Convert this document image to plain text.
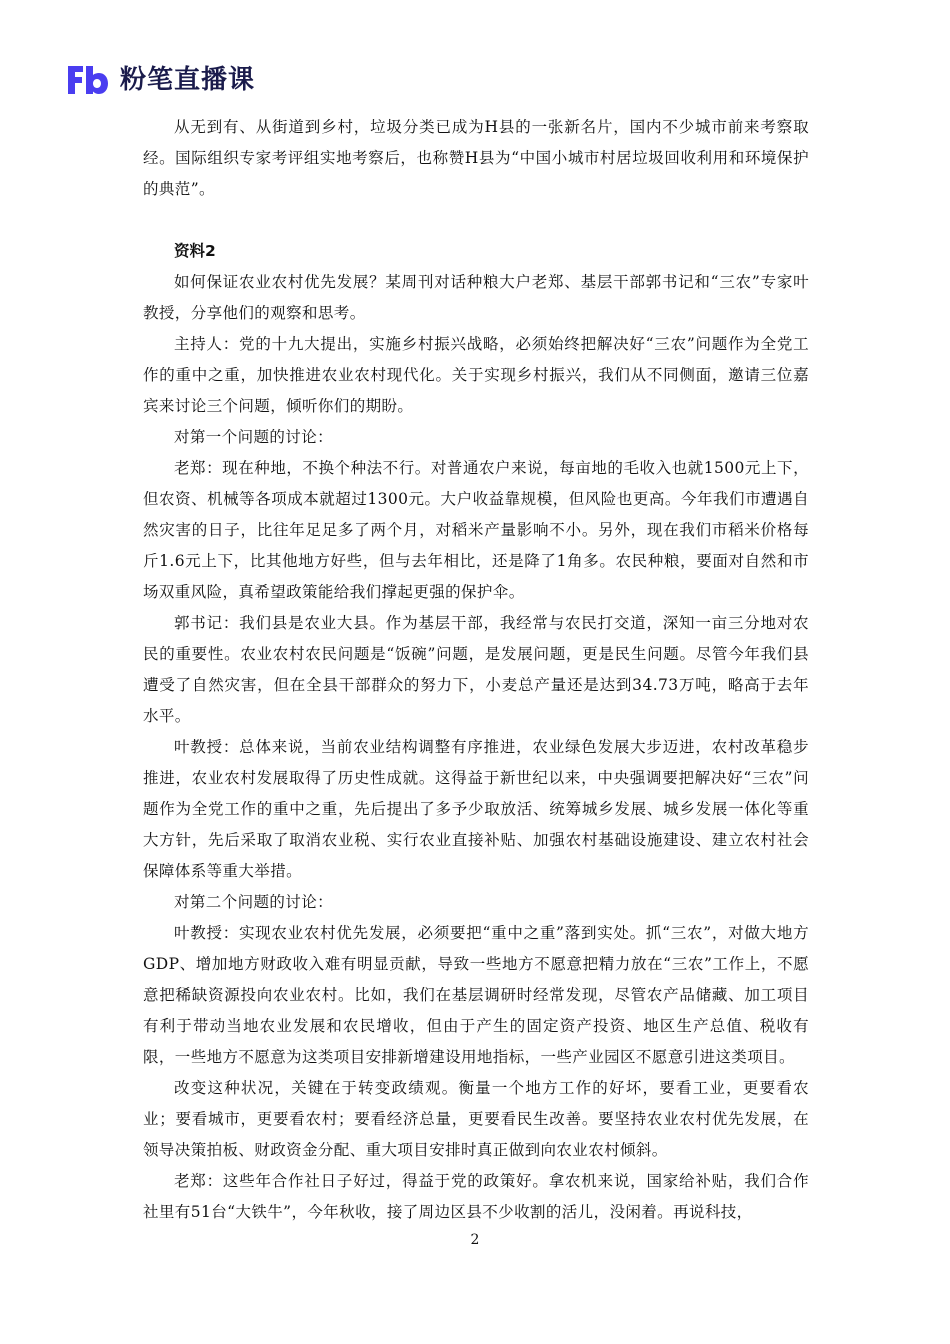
粉笔直播课

从无到有、从街道到乡村，垃圾分类已成为H县的一张新名片，国内不少城市前来考察取经。国际组织专家考评组实地考察后，也称赞H县为“中国小城市村居垃圾回收利用和环境保护的典范”。

资料2

如何保证农业农村优先发展？某周刊对话种粮大户老郑、基层干部郭书记和“三农”专家叶教授，分享他们的观察和思考。

主持人：党的十九大提出，实施乡村振兴战略，必须始终把解决好“三农”问题作为全党工作的重中之重，加快推进农业农村现代化。关于实现乡村振兴，我们从不同侧面，邀请三位嘉宾来讨论三个问题，倾听你们的期盼。

对第一个问题的讨论：

老郑：现在种地，不换个种法不行。对普通农户来说，每亩地的毛收入也就1500元上下，但农资、机械等各项成本就超过1300元。大户收益靠规模，但风险也更高。今年我们市遭遇自然灾害的日子，比往年足足多了两个月，对稻米产量影响不小。另外，现在我们市稻米价格每斤1.6元上下，比其他地方好些，但与去年相比，还是降了1角多。农民种粮，要面对自然和市场双重风险，真希望政策能给我们撑起更强的保护伞。

郭书记：我们县是农业大县。作为基层干部，我经常与农民打交道，深知一亩三分地对农民的重要性。农业农村农民问题是“饭碗”问题，是发展问题，更是民生问题。尽管今年我们县遭受了自然灾害，但在全县干部群众的努力下，小麦总产量还是达到34.73万吨，略高于去年水平。

叶教授：总体来说，当前农业结构调整有序推进，农业绿色发展大步迈进，农村改革稳步推进，农业农村发展取得了历史性成就。这得益于新世纪以来，中央强调要把解决好“三农”问题作为全党工作的重中之重，先后提出了多予少取放活、统筹城乡发展、城乡发展一体化等重大方针，先后采取了取消农业税、实行农业直接补贴、加强农村基础设施建设、建立农村社会保障体系等重大举措。

对第二个问题的讨论：

叶教授：实现农业农村优先发展，必须要把“重中之重”落到实处。抓“三农”，对做大地方GDP、增加地方财政收入难有明显贡献，导致一些地方不愿意把精力放在“三农”工作上，不愿意把稀缺资源投向农业农村。比如，我们在基层调研时经常发现，尽管农产品储藏、加工项目有利于带动当地农业发展和农民增收，但由于产生的固定资产投资、地区生产总值、税收有限，一些地方不愿意为这类项目安排新增建设用地指标，一些产业园区不愿意引进这类项目。

改变这种状况，关键在于转变政绩观。衡量一个地方工作的好坏，要看工业，更要看农业；要看城市，更要看农村；要看经济总量，更要看民生改善。要坚持农业农村优先发展，在领导决策拍板、财政资金分配、重大项目安排时真正做到向农业农村倾斜。

老郑：这些年合作社日子好过，得益于党的政策好。拿农机来说，国家给补贴，我们合作社里有51台“大铁牛”，今年秋收，接了周边区县不少收割的活儿，没闲着。再说科技，

2
